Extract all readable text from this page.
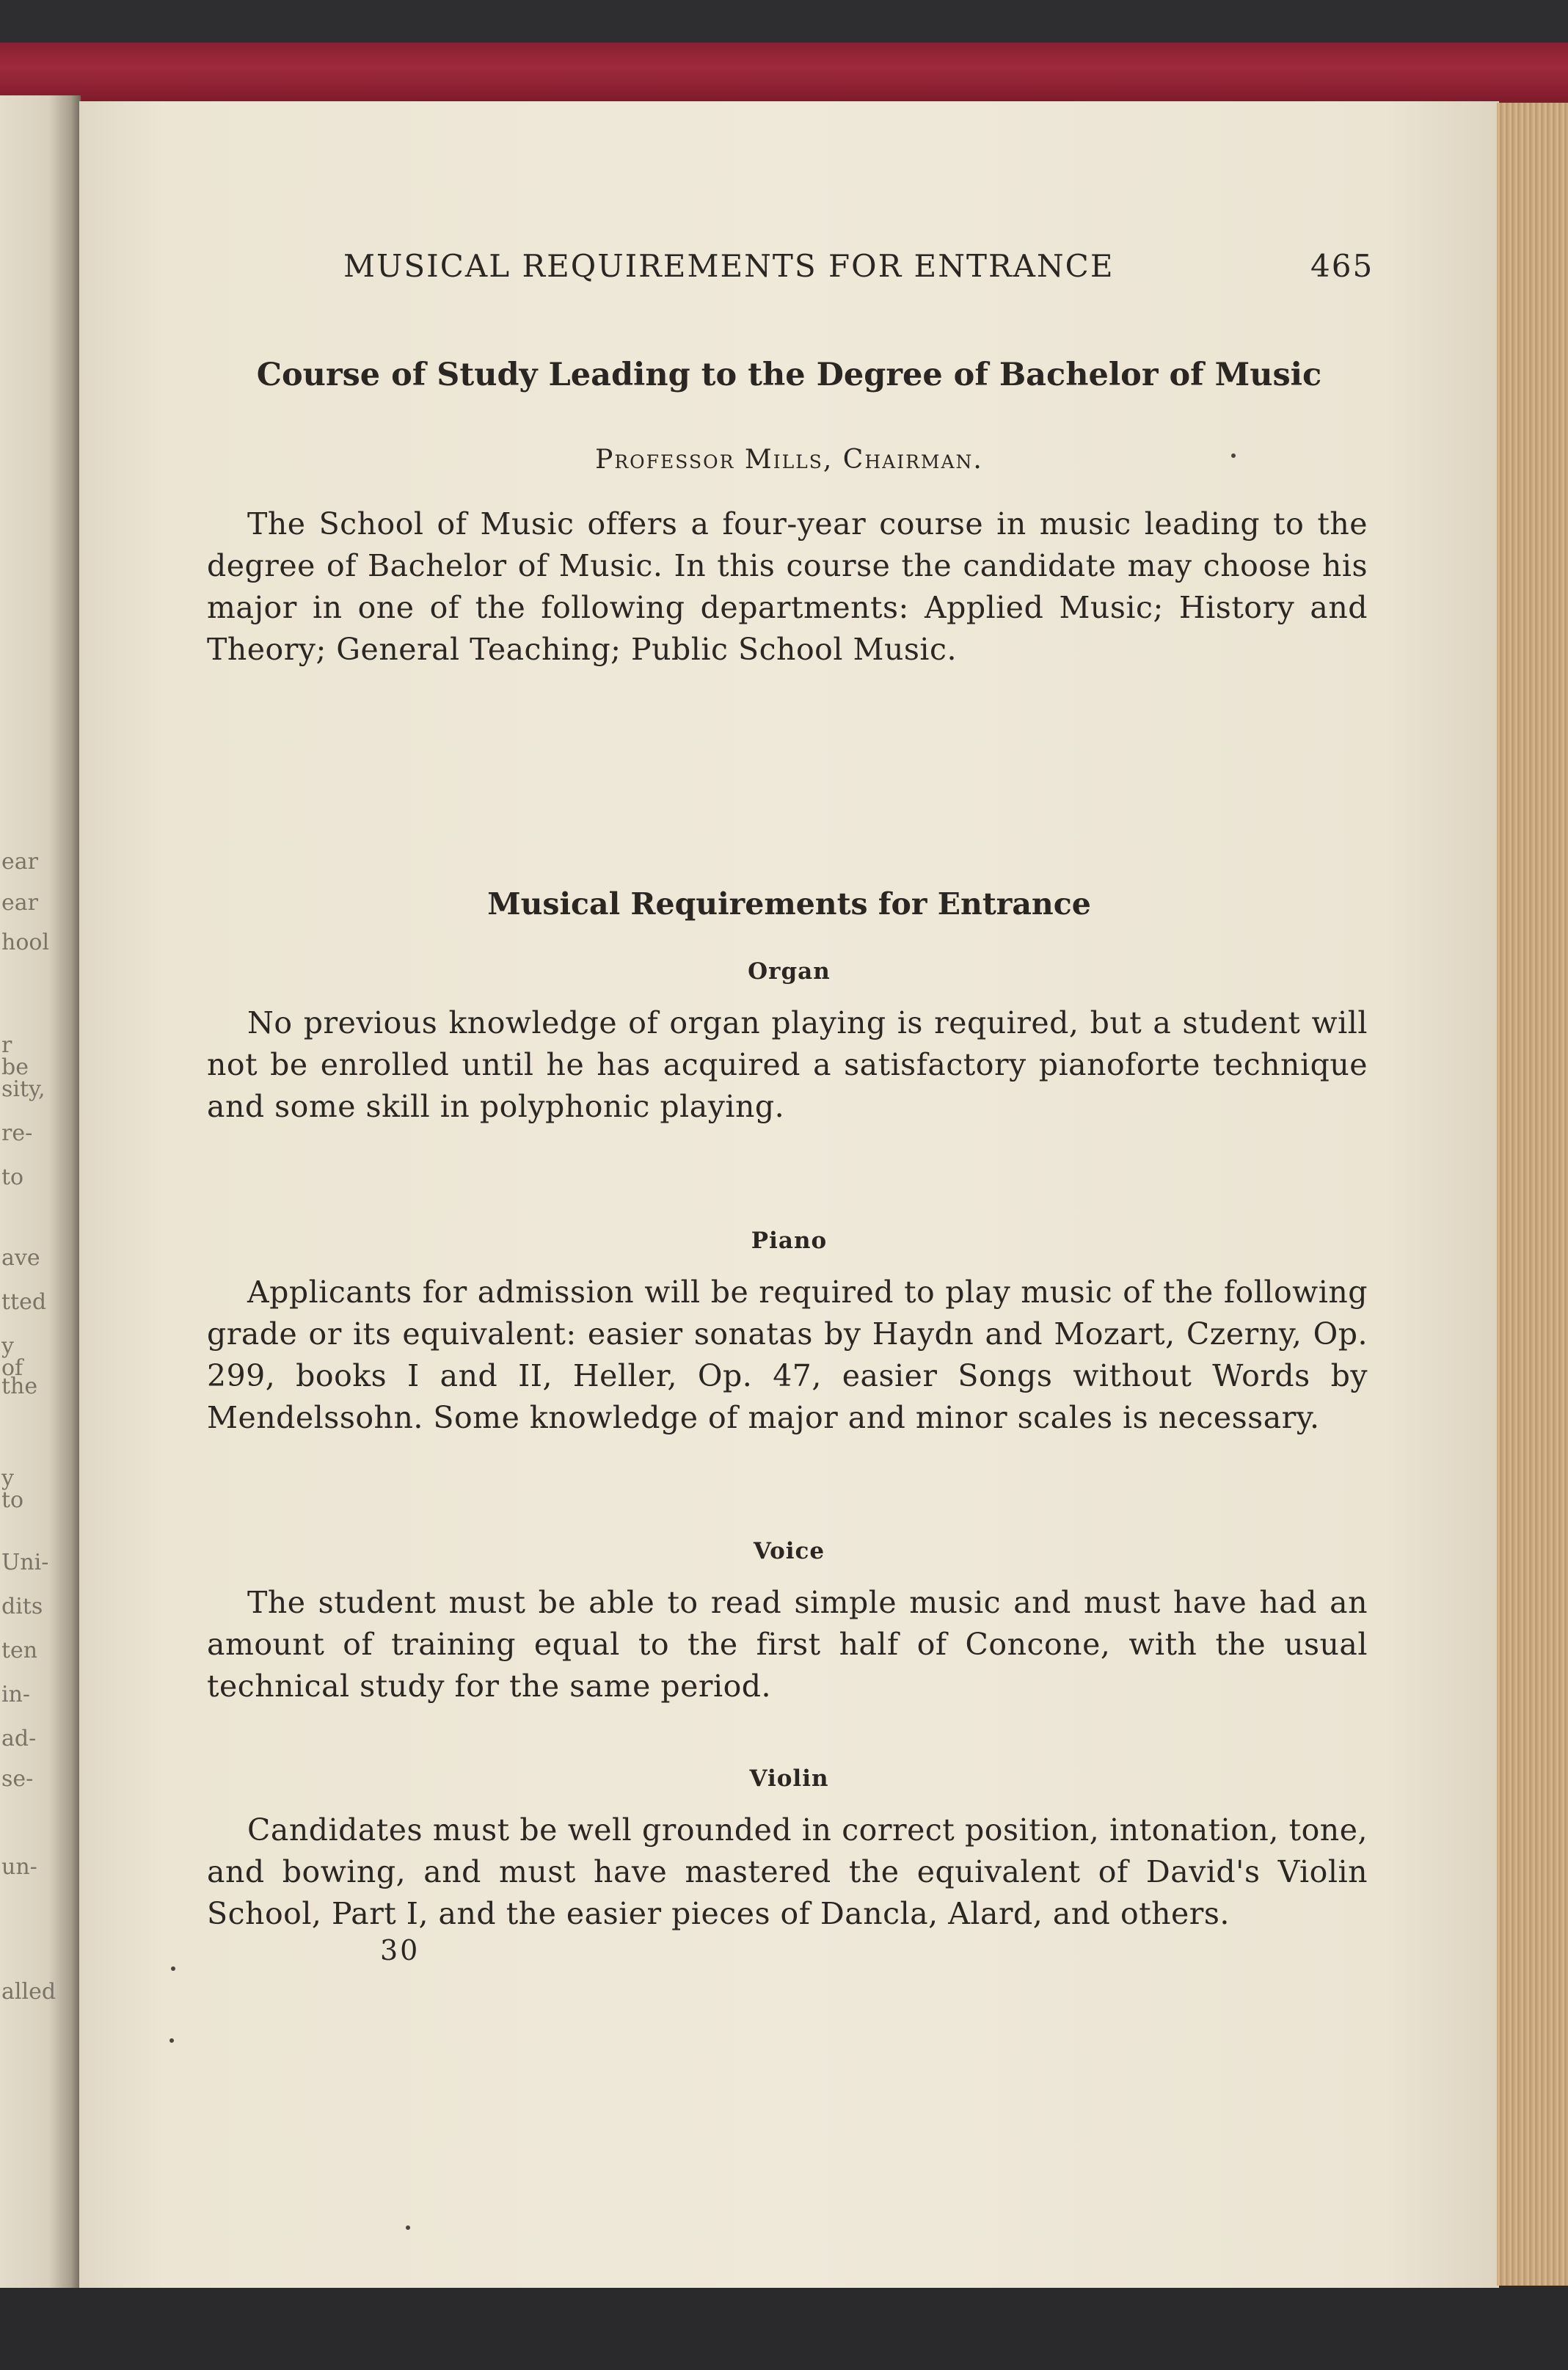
ear
ear
hool
r be
sity,
re-
to
ave
tted
y of
the
y to
Uni-
dits
ten
in-
ad-
se-
un-
alled
MUSICAL REQUIREMENTS FOR ENTRANCE	465
Course of Study Leading to the Degree of Bachelor of Music
Professor Mills, Chairman.

The School of Music offers a four-year course in music leading to the degree of Bachelor of Music. In this course the candidate may choose his major in one of the following departments: Applied Music; History and Theory; General Teaching; Public School Music.

Musical Requirements for Entrance
Organ

No previous knowledge of organ playing is required, but a student will not be enrolled until he has acquired a satisfactory pianoforte technique and some skill in polyphonic playing.

Piano

Applicants for admission will be required to play music of the following grade or its equivalent: easier sonatas by Haydn and Mozart, Czerny, Op. 299, books I and II, Heller, Op. 47, easier Songs without Words by Mendelssohn. Some knowledge of major and minor scales is necessary.

Voice

The student must be able to read simple music and must have had an amount of training equal to the first half of Concone, with the usual technical study for the same period.

Violin

Candidates must be well grounded in correct position, intonation, tone, and bowing, and must have mastered the equivalent of David's Violin School, Part I, and the easier pieces of Dancla, Alard, and others.

30
